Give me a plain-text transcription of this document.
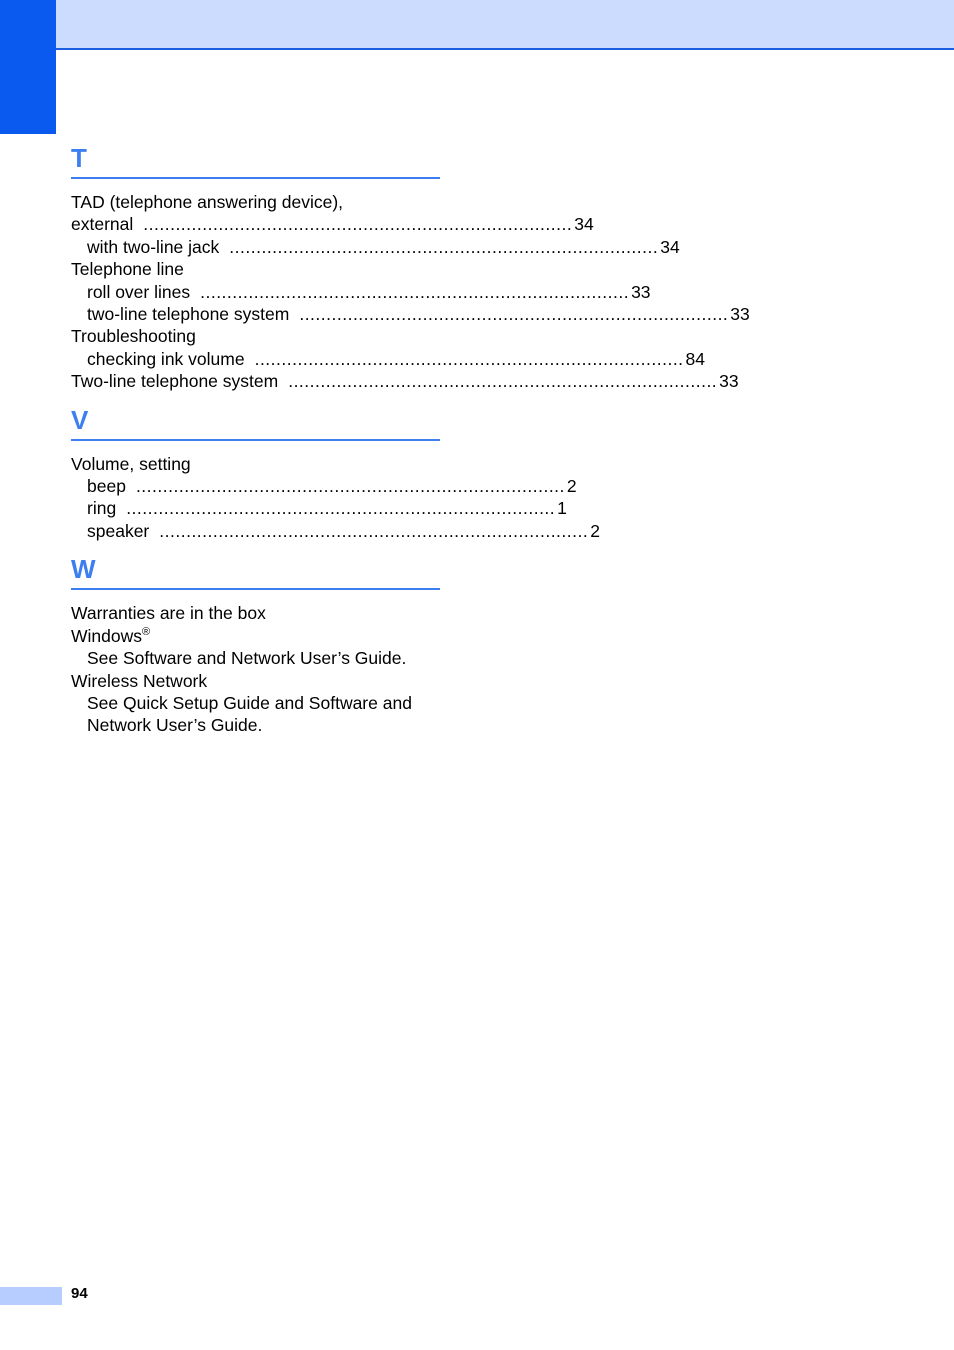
T
TAD (telephone answering device),
external ................................................................................ 34
with two-line jack ................................................................................ 34
Telephone line
roll over lines ................................................................................ 33
two-line telephone system ................................................................................ 33
Troubleshooting
checking ink volume ................................................................................ 84
Two-line telephone system ................................................................................ 33
V
Volume, setting
beep ................................................................................ 2
ring ................................................................................ 1
speaker ................................................................................ 2
W
Warranties are in the box
Windows®
See Software and Network User’s Guide.
Wireless Network
See Quick Setup Guide and Software and
Network User’s Guide.
94
